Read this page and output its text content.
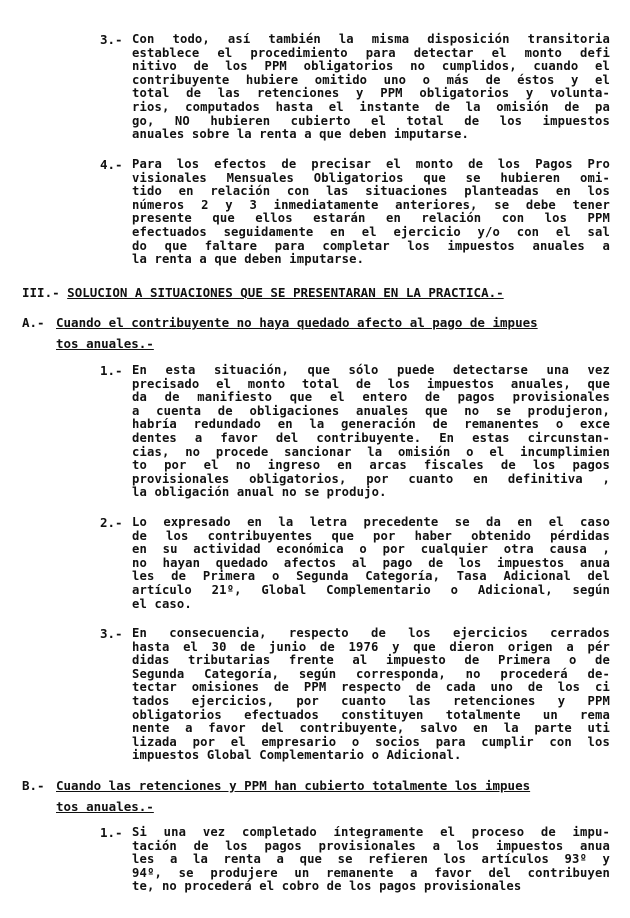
3.- Con todo, así también la misma disposición transitoria
establece el procedimiento para detectar el monto defi
nitivo de los PPM obligatorios no cumplidos, cuando el
contribuyente hubiere omitido uno o más de éstos y el
total de las retenciones y PPM obligatorios y volunta-
rios, computados hasta el instante de la omisión de pa
go, NO hubieren cubierto el total de los impuestos
anuales sobre la renta a que deben imputarse.
4.- Para los efectos de precisar el monto de los Pagos Pro
visionales Mensuales Obligatorios que se hubieren omi-
tido en relación con las situaciones planteadas en los
números 2 y 3 inmediatamente anteriores, se debe tener
presente que ellos estarán en relación con los PPM
efectuados seguidamente en el ejercicio y/o con el sal
do que faltare para completar los impuestos anuales a
la renta a que deben imputarse.
III.- SOLUCION A SITUACIONES QUE SE PRESENTARAN EN LA PRACTICA.-
A.- Cuando el contribuyente no haya quedado afecto al pago de impues
tos anuales.-
1.- En esta situación, que sólo puede detectarse una vez
precisado el monto total de los impuestos anuales, que
da de manifiesto que el entero de pagos provisionales
a cuenta de obligaciones anuales que no se produjeron,
habría redundado en la generación de remanentes o exce
dentes a favor del contribuyente. En estas circunstan-
cias, no procede sancionar la omisión o el incumplimien
to por el no ingreso en arcas fiscales de los pagos
provisionales obligatorios, por cuanto en definitiva ,
la obligación anual no se produjo.
2.- Lo expresado en la letra precedente se da en el caso
de los contribuyentes que por haber obtenido pérdidas
en su actividad económica o por cualquier otra causa ,
no hayan quedado afectos al pago de los impuestos anua
les de Primera o Segunda Categoría, Tasa Adicional del
artículo 21º, Global Complementario o Adicional, según
el caso.
3.- En consecuencia, respecto de los ejercicios cerrados
hasta el 30 de junio de 1976 y que dieron origen a pér
didas tributarias frente al impuesto de Primera o de
Segunda Categoría, según corresponda, no procederá de-
tectar omisiones de PPM respecto de cada uno de los ci
tados ejercicios, por cuanto las retenciones y PPM
obligatorios efectuados constituyen totalmente un rema
nente a favor del contribuyente, salvo en la parte uti
lizada por el empresario o socios para cumplir con los
impuestos Global Complementario o Adicional.
B.- Cuando las retenciones y PPM han cubierto totalmente los impues
tos anuales.-
1.- Si una vez completado íntegramente el proceso de impu-
tación de los pagos provisionales a los impuestos anua
les a la renta a que se refieren los artículos 93º y
94º, se produjere un remanente a favor del contribuyen
te, no procederá el cobro de los pagos provisionales
